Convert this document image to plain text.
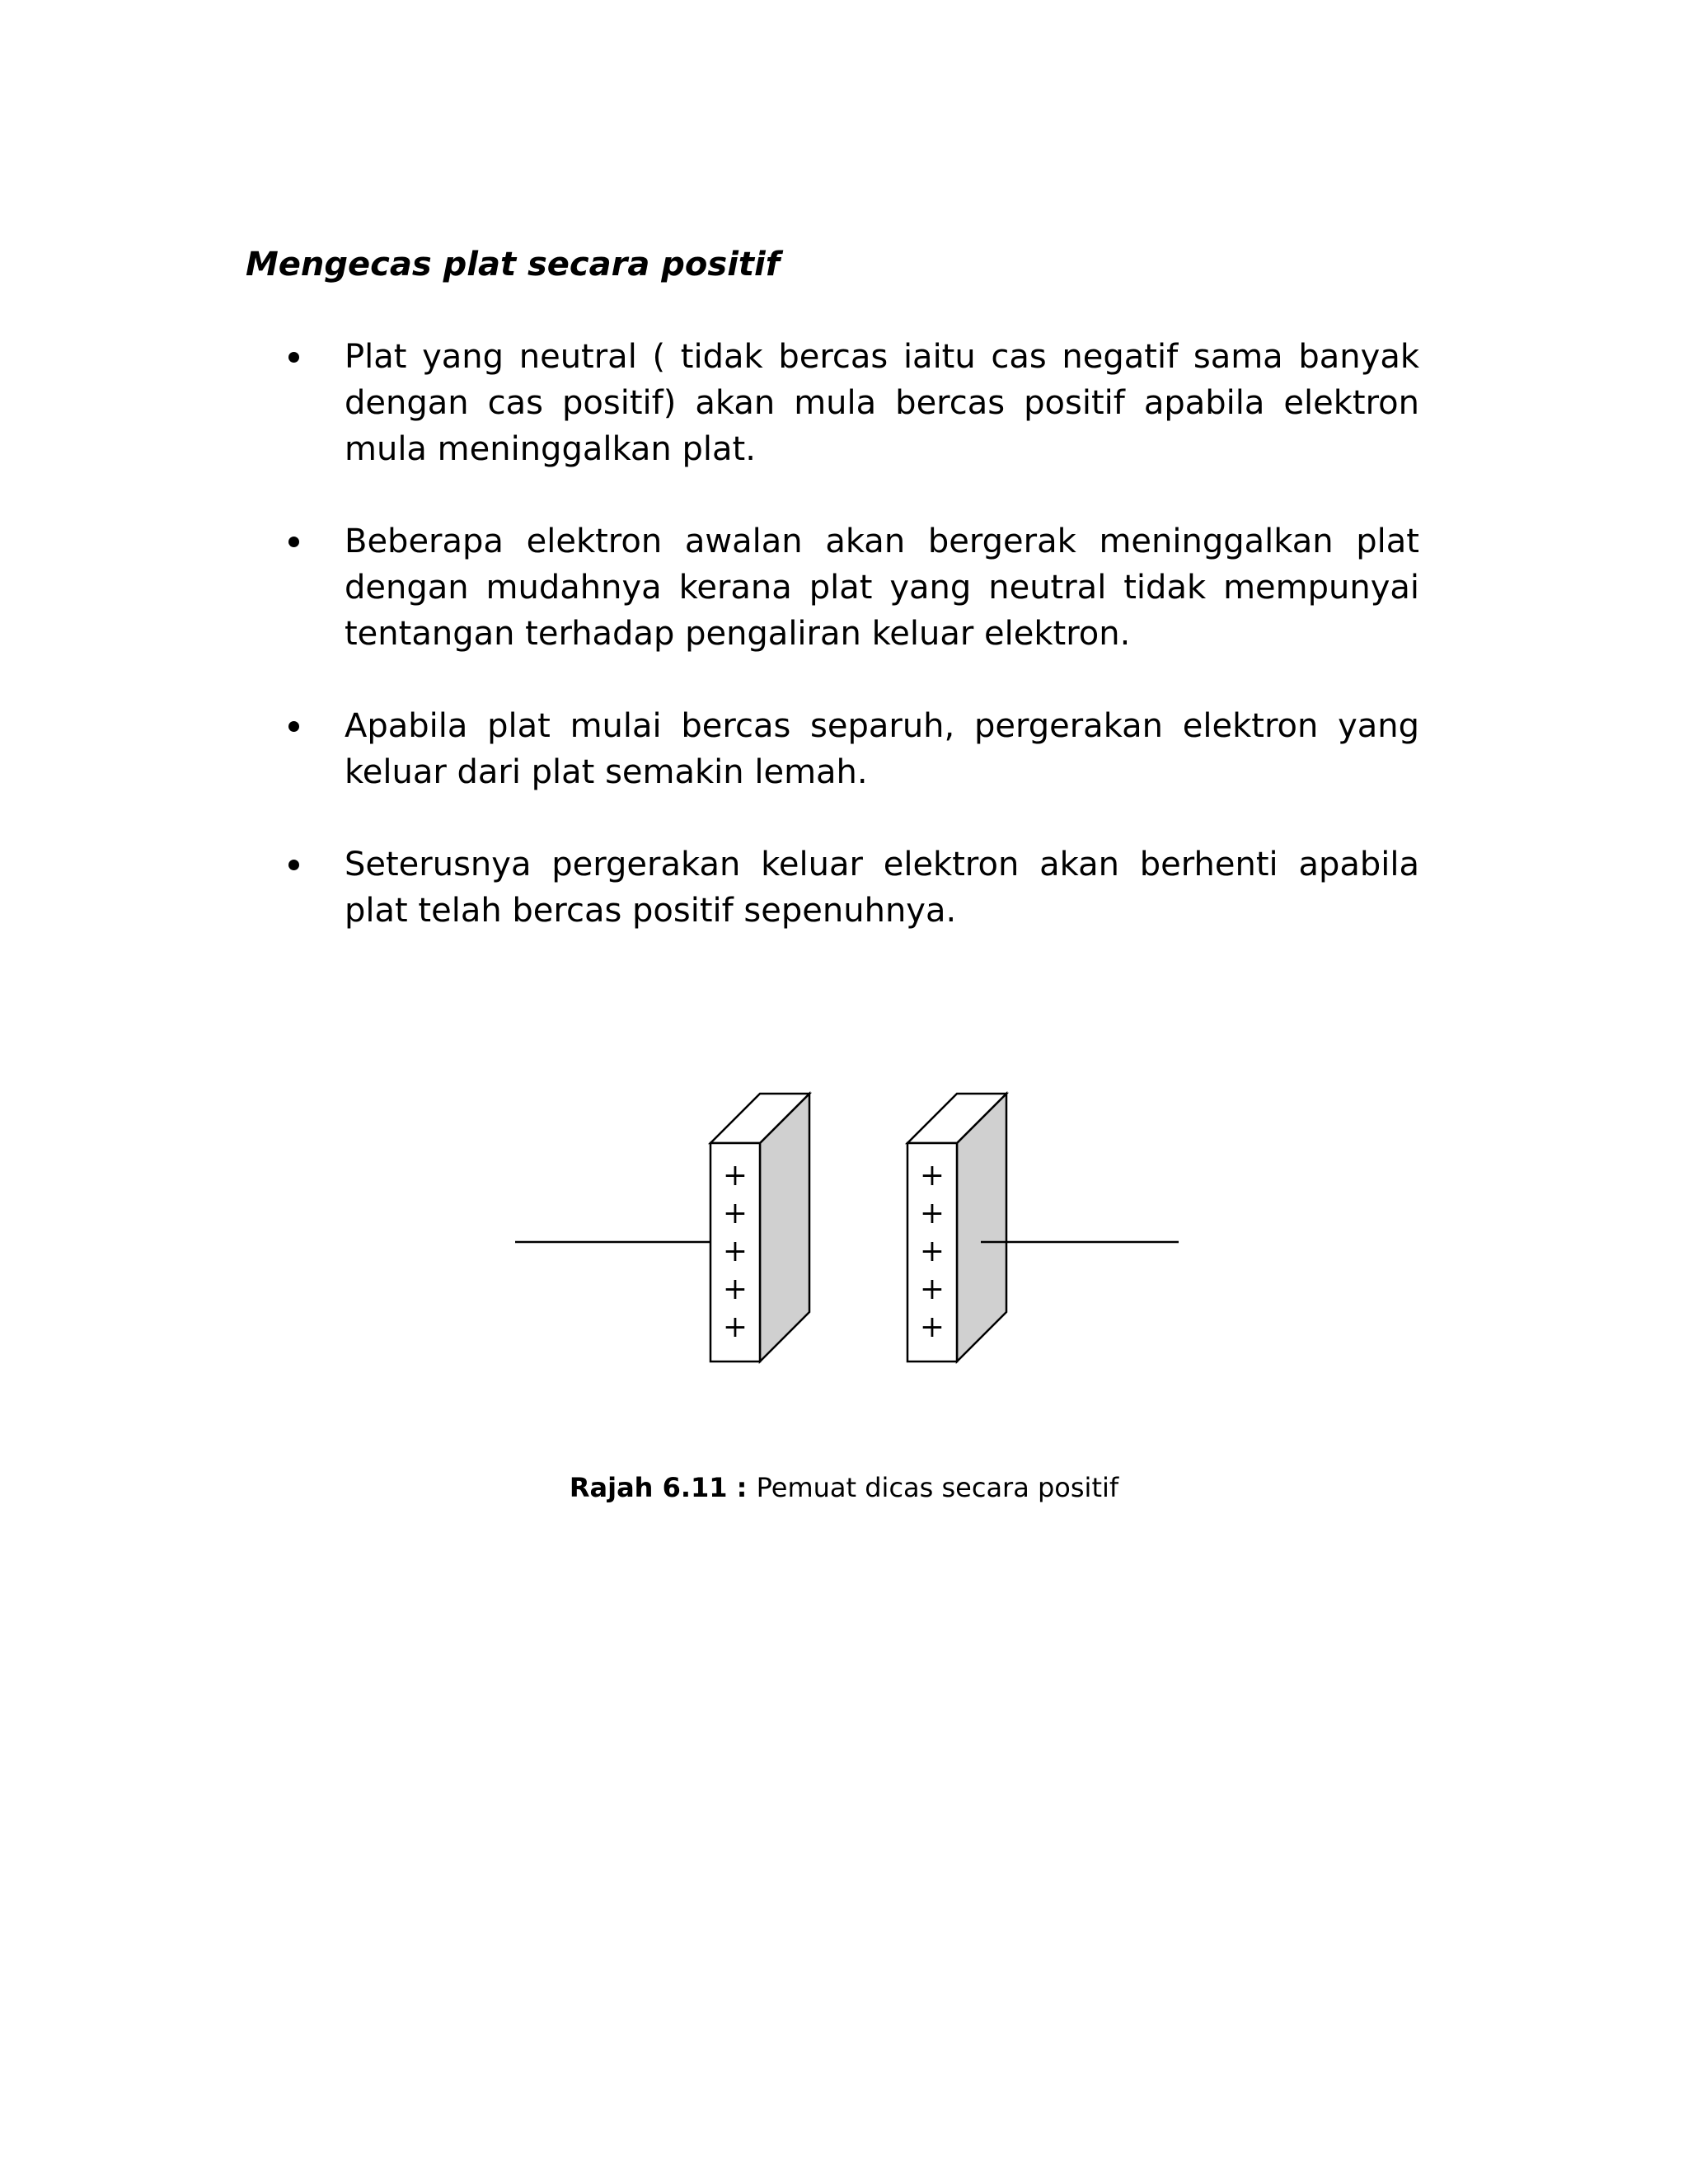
Mengecas plat secara positif
Plat yang neutral ( tidak bercas iaitu cas negatif sama banyak dengan cas positif) akan mula bercas positif apabila elektron mula meninggalkan plat.
Beberapa elektron awalan akan bergerak meninggalkan plat dengan mudahnya kerana plat yang neutral tidak mempunyai tentangan terhadap pengaliran keluar elektron.
Apabila plat mulai bercas separuh, pergerakan elektron yang keluar dari plat semakin lemah.
Seterusnya pergerakan keluar elektron akan berhenti apabila plat telah bercas positif sepenuhnya.
+
+
+
+
+
+
+
+
+
+
Rajah 6.11 : Pemuat dicas secara positif
